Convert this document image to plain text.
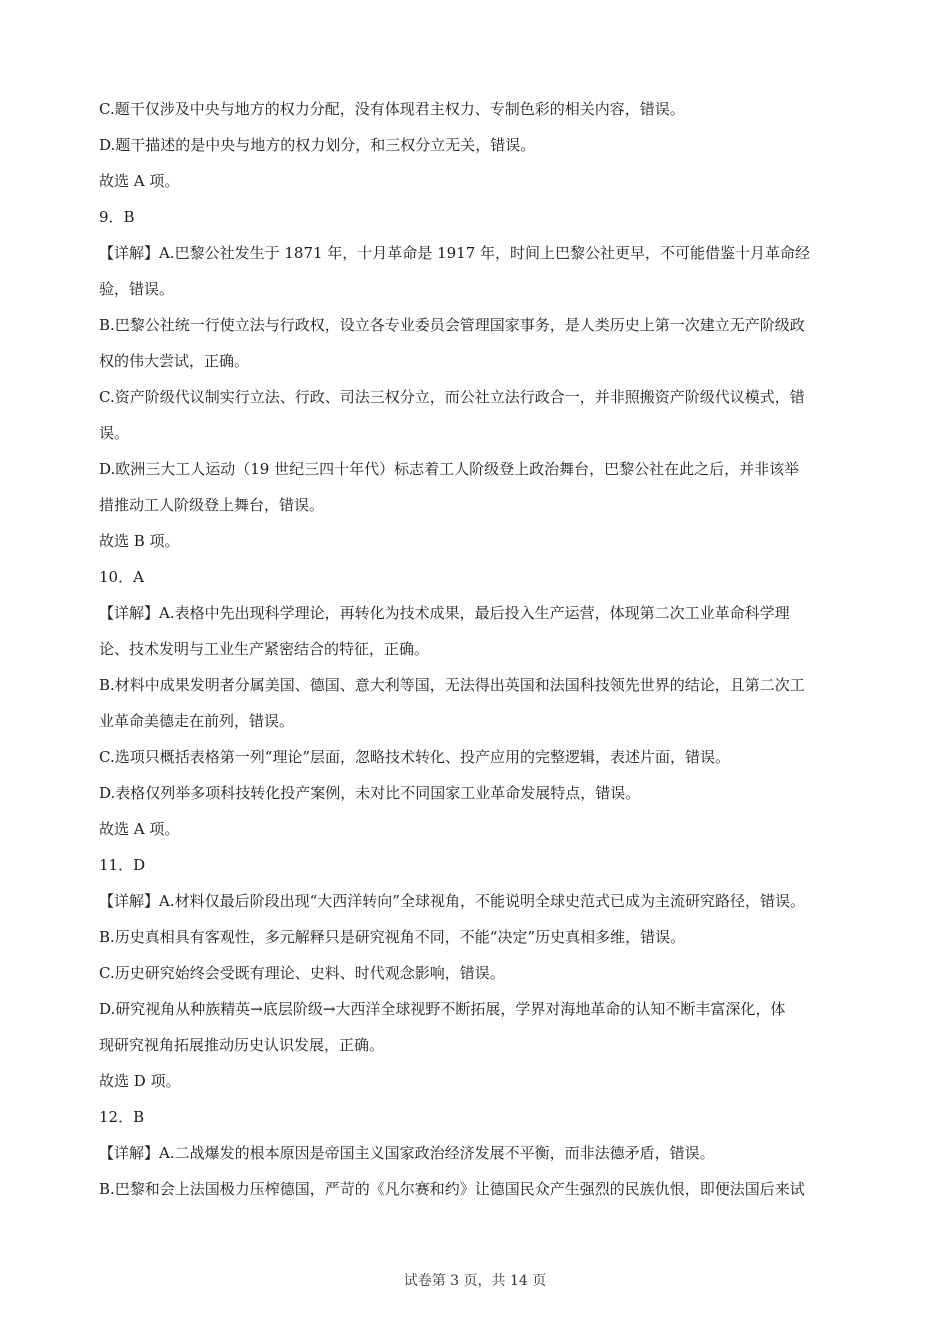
C.题干仅涉及中央与地方的权力分配，没有体现君主权力、专制色彩的相关内容，错误。
D.题干描述的是中央与地方的权力划分，和三权分立无关，错误。
故选 A 项。
9．B
【详解】A.巴黎公社发生于 1871 年，十月革命是 1917 年，时间上巴黎公社更早，不可能借鉴十月革命经
验，错误。
B.巴黎公社统一行使立法与行政权，设立各专业委员会管理国家事务，是人类历史上第一次建立无产阶级政
权的伟大尝试，正确。
C.资产阶级代议制实行立法、行政、司法三权分立，而公社立法行政合一，并非照搬资产阶级代议模式，错
误。
D.欧洲三大工人运动（19 世纪三四十年代）标志着工人阶级登上政治舞台，巴黎公社在此之后，并非该举
措推动工人阶级登上舞台，错误。
故选 B 项。
10．A
【详解】A.表格中先出现科学理论，再转化为技术成果，最后投入生产运营，体现第二次工业革命科学理
论、技术发明与工业生产紧密结合的特征，正确。
B.材料中成果发明者分属美国、德国、意大利等国，无法得出英国和法国科技领先世界的结论，且第二次工
业革命美德走在前列，错误。
C.选项只概括表格第一列“理论”层面，忽略技术转化、投产应用的完整逻辑，表述片面，错误。
D.表格仅列举多项科技转化投产案例，未对比不同国家工业革命发展特点，错误。
故选 A 项。
11．D
【详解】A.材料仅最后阶段出现“大西洋转向”全球视角，不能说明全球史范式已成为主流研究路径，错误。
B.历史真相具有客观性，多元解释只是研究视角不同，不能“决定”历史真相多维，错误。
C.历史研究始终会受既有理论、史料、时代观念影响，错误。
D.研究视角从种族精英→底层阶级→大西洋全球视野不断拓展，学界对海地革命的认知不断丰富深化，体
现研究视角拓展推动历史认识发展，正确。
故选 D 项。
12．B
【详解】A.二战爆发的根本原因是帝国主义国家政治经济发展不平衡，而非法德矛盾，错误。
B.巴黎和会上法国极力压榨德国，严苛的《凡尔赛和约》让德国民众产生强烈的民族仇恨，即便法国后来试
试卷第 3 页，共 14 页
